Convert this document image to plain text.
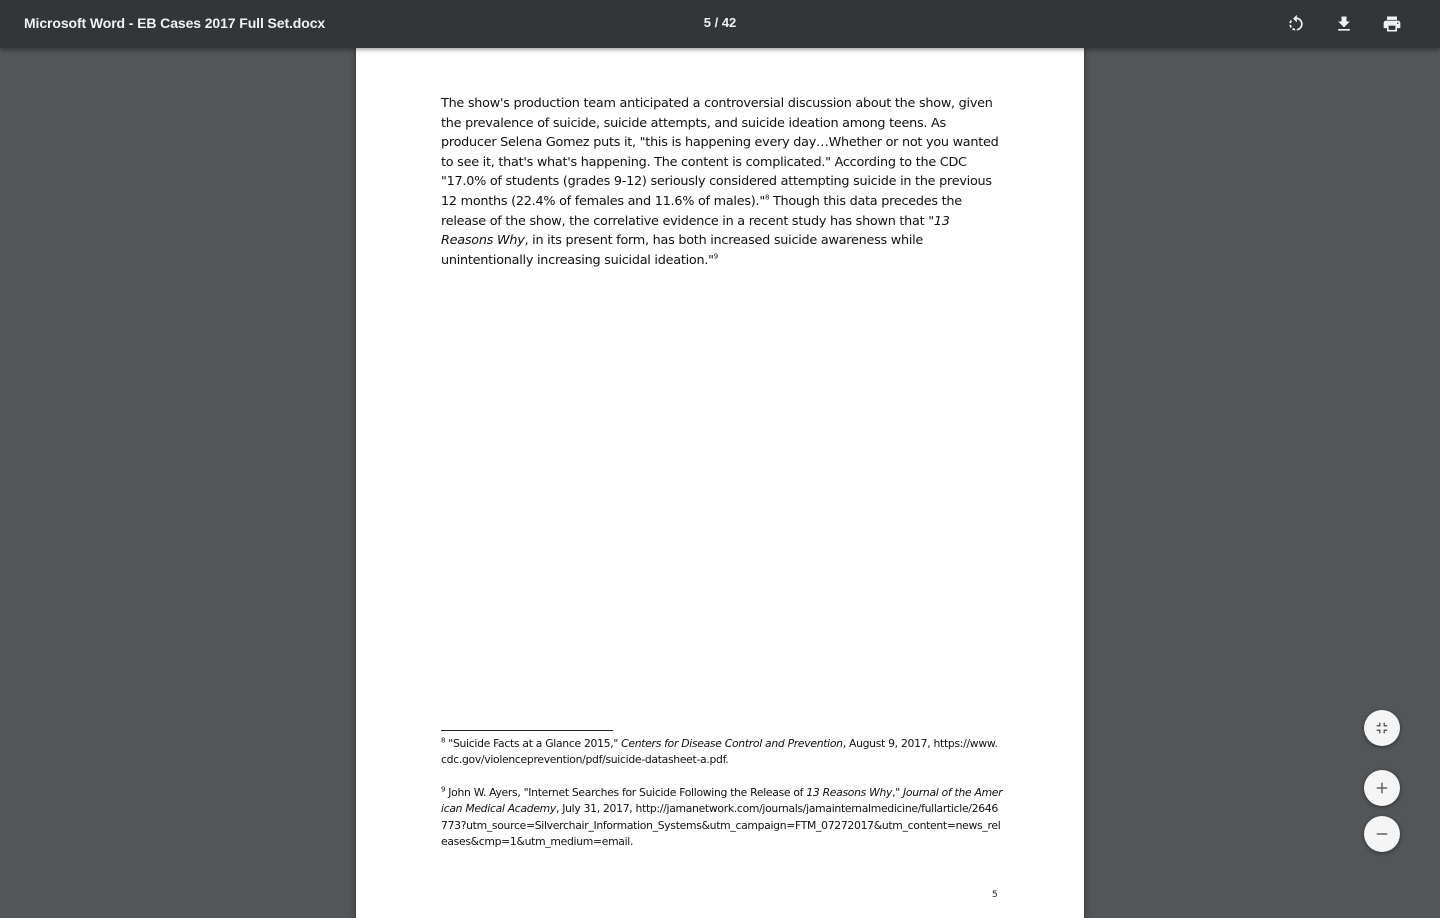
Microsoft Word - EB Cases 2017 Full Set.docx	5 / 42

The show's production team anticipated a controversial discussion about the show, given the prevalence of suicide, suicide attempts, and suicide ideation among teens. As producer Selena Gomez puts it, "this is happening every day…Whether or not you wanted to see it, that's what's happening. The content is complicated." According to the CDC "17.0% of students (grades 9-12) seriously considered attempting suicide in the previous 12 months (22.4% of females and 11.6% of males)."$^8$ Though this data precedes the release of the show, the correlative evidence in a recent study has shown that "13 Reasons Why, in its present form, has both increased suicide awareness while unintentionally increasing suicidal ideation."$^9$

$^8$ "Suicide Facts at a Glance 2015," Centers for Disease Control and Prevention, August 9, 2017, https://www.cdc.gov/violenceprevention/pdf/suicide-datasheet-a.pdf.

$^9$ John W. Ayers, "Internet Searches for Suicide Following the Release of 13 Reasons Why," Journal of the American Medical Academy, July 31, 2017, http://jamanetwork.com/journals/jamainternalmedicine/fullarticle/2646773?utm_source=Silverchair_Information_Systems&utm_campaign=FTM_07272017&utm_content=news_releases&cmp=1&utm_medium=email.

5
